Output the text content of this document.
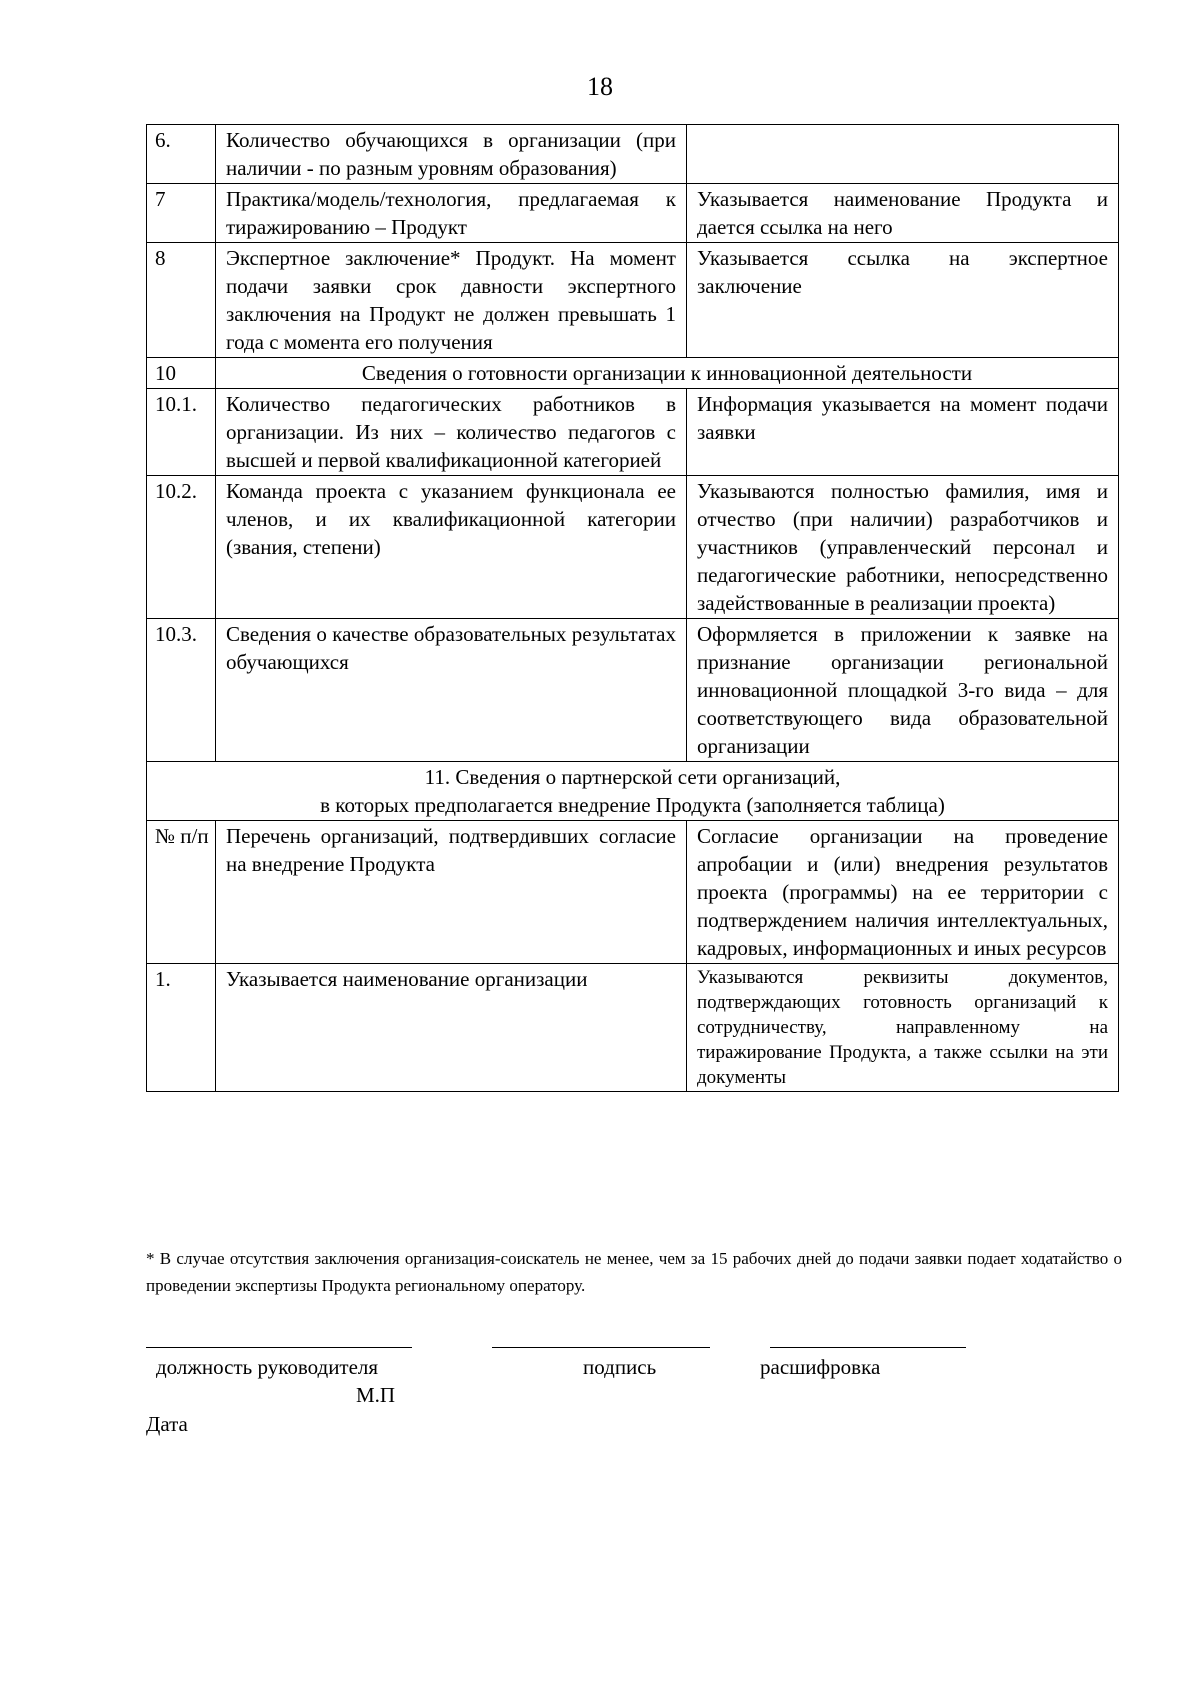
18
6.	Количество обучающихся в организации (при наличии - по разным уровням образования)	
7	Практика/модель/технология, предлагаемая к тиражированию – Продукт	Указывается наименование Продукта и дается ссылка на него
8	Экспертное заключение* Продукт. На момент подачи заявки срок давности экспертного заключения на Продукт не должен превышать 1 года с момента его получения	Указывается ссылка на экспертное заключение
10	Сведения о готовности организации к инновационной деятельности	
10.1.	Количество педагогических работников в организации. Из них – количество педагогов с высшей и первой квалификационной категорией	Информация указывается на момент подачи заявки
10.2.	Команда проекта с указанием функционала ее членов, и их квалификационной категории (звания, степени)	Указываются полностью фамилия, имя и отчество (при наличии) разработчиков и участников (управленческий персонал и педагогические работники, непосредственно задействованные в реализации проекта)
10.3.	Сведения о качестве образовательных результатах обучающихся	Оформляется в приложении к заявке на признание организации региональной инновационной площадкой 3-го вида – для соответствующего вида образовательной организации

11. Сведения о партнерской сети организаций,
в которых предполагается внедрение Продукта (заполняется таблица)		

№ п/п	Перечень организаций, подтвердивших согласие на внедрение Продукта	Согласие организации на проведение апробации и (или) внедрения результатов проекта (программы) на ее территории с подтверждением наличия интеллектуальных, кадровых, информационных и иных ресурсов
1.	Указывается наименование организации	Указываются реквизиты документов, подтверждающих готовность организаций к сотрудничеству, направленному на тиражирование Продукта, а также ссылки на эти документы
* В случае отсутствия заключения организация-соискатель не менее, чем за 15 рабочих дней до подачи заявки подает ходатайство о проведении экспертизы Продукта региональному оператору.
должность руководителя	подпись	расшифровка
М.П
Дата
